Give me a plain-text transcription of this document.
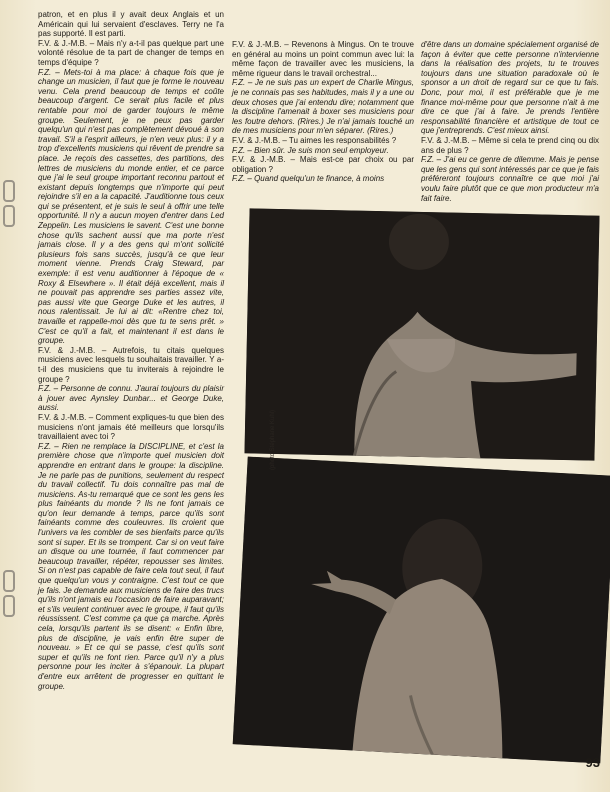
patron, et en plus il y avait deux Anglais et un Américain qui lui servaient d'esclaves. Terry ne l'a pas supporté. Il est parti.

F.V. & J.-M.B. – Mais n'y a-t-il pas quelque part une volonté résolue de ta part de changer de temps en temps d'équipe ?

F.Z. – Mets-toi à ma place: à chaque fois que je change un musicien, il faut que je forme le nouveau venu. Cela prend beaucoup de temps et coûte beaucoup d'argent. Ce serait plus facile et plus rentable pour moi de garder toujours le même groupe. Seulement, je ne peux pas garder quelqu'un qui n'est pas complètement dévoué à son travail. S'il a l'esprit ailleurs, je n'en veux plus: il y a trop d'excellents musiciens qui rêvent de prendre sa place. Je reçois des cassettes, des partitions, des lettres de musiciens du monde entier, et ce parce que j'ai le seul groupe important reconnu partout et existant depuis longtemps que n'importe qui peut rejoindre s'il en a la capacité. J'auditionne tous ceux qui se présentent, et je suis le seul à offrir une telle opportunité. Il n'y a aucun moyen d'entrer dans Led Zeppelin. Les musiciens le savent. C'est une bonne chose qu'ils sachent aussi que ma porte n'est jamais close. Il y a des gens qui m'ont sollicité plusieurs fois sans succès, jusqu'à ce que leur moment vienne. Prends Craig Steward, par exemple: il est venu auditionner à l'époque de « Roxy & Elsewhere ». Il était déjà excellent, mais il ne pouvait pas apprendre ses parties assez vite, pas aussi vite que George Duke et les autres, il nous ralentissait. Je lui ai dit: «Rentre chez toi, travaille et rappelle-moi dès que tu te sens prêt. » C'est ce qu'il a fait, et maintenant il est dans le groupe.

F.V. & J.-M.B. – Autrefois, tu citais quelques musiciens avec lesquels tu souhaitais travailler. Y a-t-il des musiciens que tu inviterais à rejoindre le groupe ?

F.Z. – Personne de connu. J'aurai toujours du plaisir à jouer avec Aynsley Dunbar... et George Duke, aussi.

F.V. & J.-M.B. – Comment expliques-tu que bien des musiciens n'ont jamais été meilleurs que lorsqu'ils travaillaient avec toi ?

F.Z. – Rien ne remplace la DISCIPLINE, et c'est la première chose que n'importe quel musicien doit apprendre en entrant dans le groupe: la discipline. Je ne parle pas de punitions, seulement du respect du travail collectif. Tu dois connaître pas mal de musiciens. As-tu remarqué que ce sont les gens les plus fainéants du monde ? Ils ne font jamais ce qu'on leur demande à temps, parce qu'ils sont fainéants comme des couleuvres. Ils croient que l'univers va les combler de ses bienfaits parce qu'ils sont si super. Et ils se trompent. Car si on veut faire un disque ou une tournée, il faut commencer par beaucoup travailler, répéter, repousser ses limites. Si on n'est pas capable de faire cela tout seul, il faut que quelqu'un vous y contraigne. C'est tout ce que je fais. Je demande aux musiciens de faire des trucs qu'ils n'ont jamais eu l'occasion de faire auparavant; et s'ils veulent continuer avec le groupe, il faut qu'ils réussissent. C'est comme ça que ça marche. Après cela, lorsqu'ils partent ils se disent: « Enfin libre, plus de discipline, je vais enfin être super de nouveau. » Et ce qui se passe, c'est qu'ils sont super et qu'ils ne font rien. Parce qu'il n'y a plus personne pour les inciter à s'épanouir. La plupart d'entre eux arrêtent de progresser en quittant le groupe.

F.V. & J.-M.B. – Revenons à Mingus. On te trouve en général au moins un point commun avec lui: la même façon de travailler avec les musiciens, la même rigueur dans le travail orchestral...

F.Z. – Je ne suis pas un expert de Charlie Mingus, je ne connais pas ses habitudes, mais il y a une ou deux choses que j'ai entendu dire; notamment que la discipline l'amenait à boxer ses musiciens pour les foutre dehors. (Rires.) Je n'ai jamais touché un de mes musiciens pour m'en séparer. (Rires.)

F.V. & J.-M.B. – Tu aimes les responsabilités ?

F.Z. – Bien sûr. Je suis mon seul employeur.

F.V. & J.-M.B. – Mais est-ce par choix ou par obligation ?

F.Z. – Quand quelqu'un te finance, à moins

d'être dans un domaine spécialement organisé de façon à éviter que cette personne n'intervienne dans la réalisation des projets, tu te trouves toujours dans une situation paradoxale où le sponsor a un droit de regard sur ce que tu fais. Donc, pour moi, il est préférable que je me finance moi-même pour que personne n'ait à me dire ce que j'ai à faire. Je prends l'entière responsabilité financière et artistique de tout ce que j'entreprends. C'est mieux ainsi.

F.V. & J.-M.B. – Même si cela te prend cinq ou dix ans de plus ?

F.Z. – J'ai eu ce genre de dilemme. Mais je pense que les gens qui sont intéressés par ce que je fais préféreront toujours connaître ce que moi j'ai voulu faire plutôt que ce que mon producteur m'a fait faire.

(photo Stéphane Kuhl)
93
